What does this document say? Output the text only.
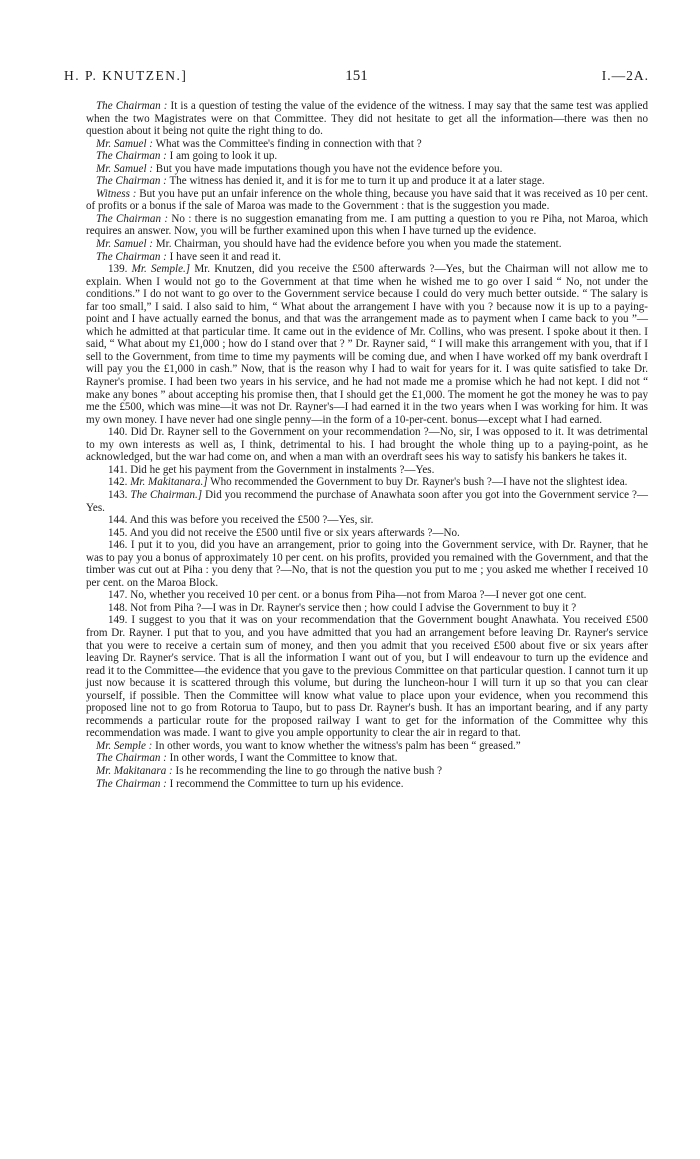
H. P. KNUTZEN.]	151	I.—2A.

The Chairman : It is a question of testing the value of the evidence of the witness. I may say that the same test was applied when the two Magistrates were on that Committee. They did not hesitate to get all the information—there was then no question about it being not quite the right thing to do.

Mr. Samuel : What was the Committee's finding in connection with that ?

The Chairman : I am going to look it up.

Mr. Samuel : But you have made imputations though you have not the evidence before you.

The Chairman : The witness has denied it, and it is for me to turn it up and produce it at a later stage.

Witness : But you have put an unfair inference on the whole thing, because you have said that it was received as 10 per cent. of profits or a bonus if the sale of Maroa was made to the Government : that is the suggestion you made.

The Chairman : No : there is no suggestion emanating from me. I am putting a question to you re Piha, not Maroa, which requires an answer. Now, you will be further examined upon this when I have turned up the evidence.

Mr. Samuel : Mr. Chairman, you should have had the evidence before you when you made the statement.

The Chairman : I have seen it and read it.

139. Mr. Semple.] Mr. Knutzen, did you receive the £500 afterwards ?—Yes, but the Chairman will not allow me to explain. When I would not go to the Government at that time when he wished me to go over I said “ No, not under the conditions.” I do not want to go over to the Government service because I could do very much better outside. “ The salary is far too small,” I said. I also said to him, “ What about the arrangement I have with you ? because now it is up to a paying-point and I have actually earned the bonus, and that was the arrangement made as to payment when I came back to you ”—which he admitted at that particular time. It came out in the evidence of Mr. Collins, who was present. I spoke about it then. I said, “ What about my £1,000 ; how do I stand over that ? ” Dr. Rayner said, “ I will make this arrangement with you, that if I sell to the Government, from time to time my payments will be coming due, and when I have worked off my bank overdraft I will pay you the £1,000 in cash.” Now, that is the reason why I had to wait for years for it. I was quite satisfied to take Dr. Rayner's promise. I had been two years in his service, and he had not made me a promise which he had not kept. I did not “ make any bones ” about accepting his promise then, that I should get the £1,000. The moment he got the money he was to pay me the £500, which was mine—it was not Dr. Rayner's—I had earned it in the two years when I was working for him. It was my own money. I have never had one single penny—in the form of a 10-per-cent. bonus—except what I had earned.

140. Did Dr. Rayner sell to the Government on your recommendation ?—No, sir, I was opposed to it. It was detrimental to my own interests as well as, I think, detrimental to his. I had brought the whole thing up to a paying-point, as he acknowledged, but the war had come on, and when a man with an overdraft sees his way to satisfy his bankers he takes it.

141. Did he get his payment from the Government in instalments ?—Yes.

142. Mr. Makitanara.] Who recommended the Government to buy Dr. Rayner's bush ?—I have not the slightest idea.

143. The Chairman.] Did you recommend the purchase of Anawhata soon after you got into the Government service ?—Yes.

144. And this was before you received the £500 ?—Yes, sir.

145. And you did not receive the £500 until five or six years afterwards ?—No.

146. I put it to you, did you have an arrangement, prior to going into the Government service, with Dr. Rayner, that he was to pay you a bonus of approximately 10 per cent. on his profits, provided you remained with the Government, and that the timber was cut out at Piha : you deny that ?—No, that is not the question you put to me ; you asked me whether I received 10 per cent. on the Maroa Block.

147. No, whether you received 10 per cent. or a bonus from Piha—not from Maroa ?—I never got one cent.

148. Not from Piha ?—I was in Dr. Rayner's service then ; how could I advise the Government to buy it ?

149. I suggest to you that it was on your recommendation that the Government bought Anawhata. You received £500 from Dr. Rayner. I put that to you, and you have admitted that you had an arrangement before leaving Dr. Rayner's service that you were to receive a certain sum of money, and then you admit that you received £500 about five or six years after leaving Dr. Rayner's service. That is all the information I want out of you, but I will endeavour to turn up the evidence and read it to the Committee—the evidence that you gave to the previous Committee on that particular question. I cannot turn it up just now because it is scattered through this volume, but during the luncheon-hour I will turn it up so that you can clear yourself, if possible. Then the Committee will know what value to place upon your evidence, when you recommend this proposed line not to go from Rotorua to Taupo, but to pass Dr. Rayner's bush. It has an important bearing, and if any party recommends a particular route for the proposed railway I want to get for the information of the Committee why this recommendation was made. I want to give you ample opportunity to clear the air in regard to that.

Mr. Semple : In other words, you want to know whether the witness's palm has been “ greased.”

The Chairman : In other words, I want the Committee to know that.

Mr. Makitanara : Is he recommending the line to go through the native bush ?

The Chairman : I recommend the Committee to turn up his evidence.
